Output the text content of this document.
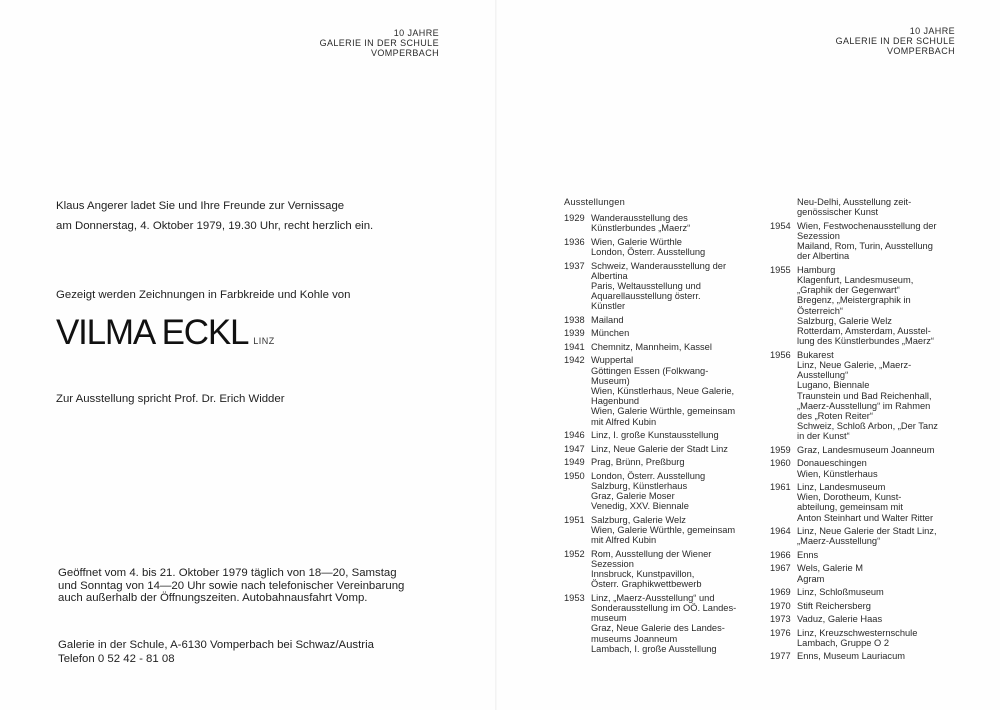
10 JAHRE
GALERIE IN DER SCHULE
VOMPERBACH
Klaus Angerer ladet Sie und Ihre Freunde zur Vernissage
am Donnerstag, 4. Oktober 1979, 19.30 Uhr, recht herzlich ein.
Gezeigt werden Zeichnungen in Farbkreide und Kohle von
VILMA ECKL LINZ
Zur Ausstellung spricht Prof. Dr. Erich Widder
Geöffnet vom 4. bis 21. Oktober 1979 täglich von 18—20, Samstag
und Sonntag von 14—20 Uhr sowie nach telefonischer Vereinbarung
auch außerhalb der Öffnungszeiten. Autobahnausfahrt Vomp.
Galerie in der Schule, A-6130 Vomperbach bei Schwaz/Austria
Telefon 0 52 42 - 81 08
10 JAHRE
GALERIE IN DER SCHULE
VOMPERBACH
Ausstellungen
1929 Wanderausstellung des
Künstlerbundes „Maerz“
1936 Wien, Galerie Würthle
London, Österr. Ausstellung
1937 Schweiz, Wanderausstellung der
Albertina
Paris, Weltausstellung und
Aquarellausstellung österr.
Künstler
1938 Mailand
1939 München
1941 Chemnitz, Mannheim, Kassel
1942 Wuppertal
Göttingen Essen (Folkwang-
Museum)
Wien, Künstlerhaus, Neue Galerie,
Hagenbund
Wien, Galerie Würthle, gemeinsam
mit Alfred Kubin
1946 Linz, I. große Kunstausstellung
1947 Linz, Neue Galerie der Stadt Linz
1949 Prag, Brünn, Preßburg
1950 London, Österr. Ausstellung
Salzburg, Künstlerhaus
Graz, Galerie Moser
Venedig, XXV. Biennale
1951 Salzburg, Galerie Welz
Wien, Galerie Würthle, gemeinsam
mit Alfred Kubin
1952 Rom, Ausstellung der Wiener
Sezession
Innsbruck, Kunstpavillon,
Österr. Graphikwettbewerb
1953 Linz, „Maerz-Ausstellung“ und
Sonderausstellung im OÖ. Landes-
museum
Graz, Neue Galerie des Landes-
museums Joanneum
Lambach, I. große Ausstellung
Neu-Delhi, Ausstellung zeit-
genössischer Kunst
1954 Wien, Festwochenausstellung der
Sezession
Mailand, Rom, Turin, Ausstellung
der Albertina
1955 Hamburg
Klagenfurt, Landesmuseum,
„Graphik der Gegenwart“
Bregenz, „Meistergraphik in
Österreich“
Salzburg, Galerie Welz
Rotterdam, Amsterdam, Ausstel-
lung des Künstlerbundes „Maerz“
1956 Bukarest
Linz, Neue Galerie, „Maerz-
Ausstellung“
Lugano, Biennale
Traunstein und Bad Reichenhall,
„Maerz-Ausstellung“ im Rahmen
des „Roten Reiter“
Schweiz, Schloß Arbon, „Der Tanz
in der Kunst“
1959 Graz, Landesmuseum Joanneum
1960 Donaueschingen
Wien, Künstlerhaus
1961 Linz, Landesmuseum
Wien, Dorotheum, Kunst-
abteilung, gemeinsam mit
Anton Steinhart und Walter Ritter
1964 Linz, Neue Galerie der Stadt Linz,
„Maerz-Ausstellung“
1966 Enns
1967 Wels, Galerie M
Agram
1969 Linz, Schloßmuseum
1970 Stift Reichersberg
1973 Vaduz, Galerie Haas
1976 Linz, Kreuzschwesternschule
Lambach, Gruppe O 2
1977 Enns, Museum Lauriacum
